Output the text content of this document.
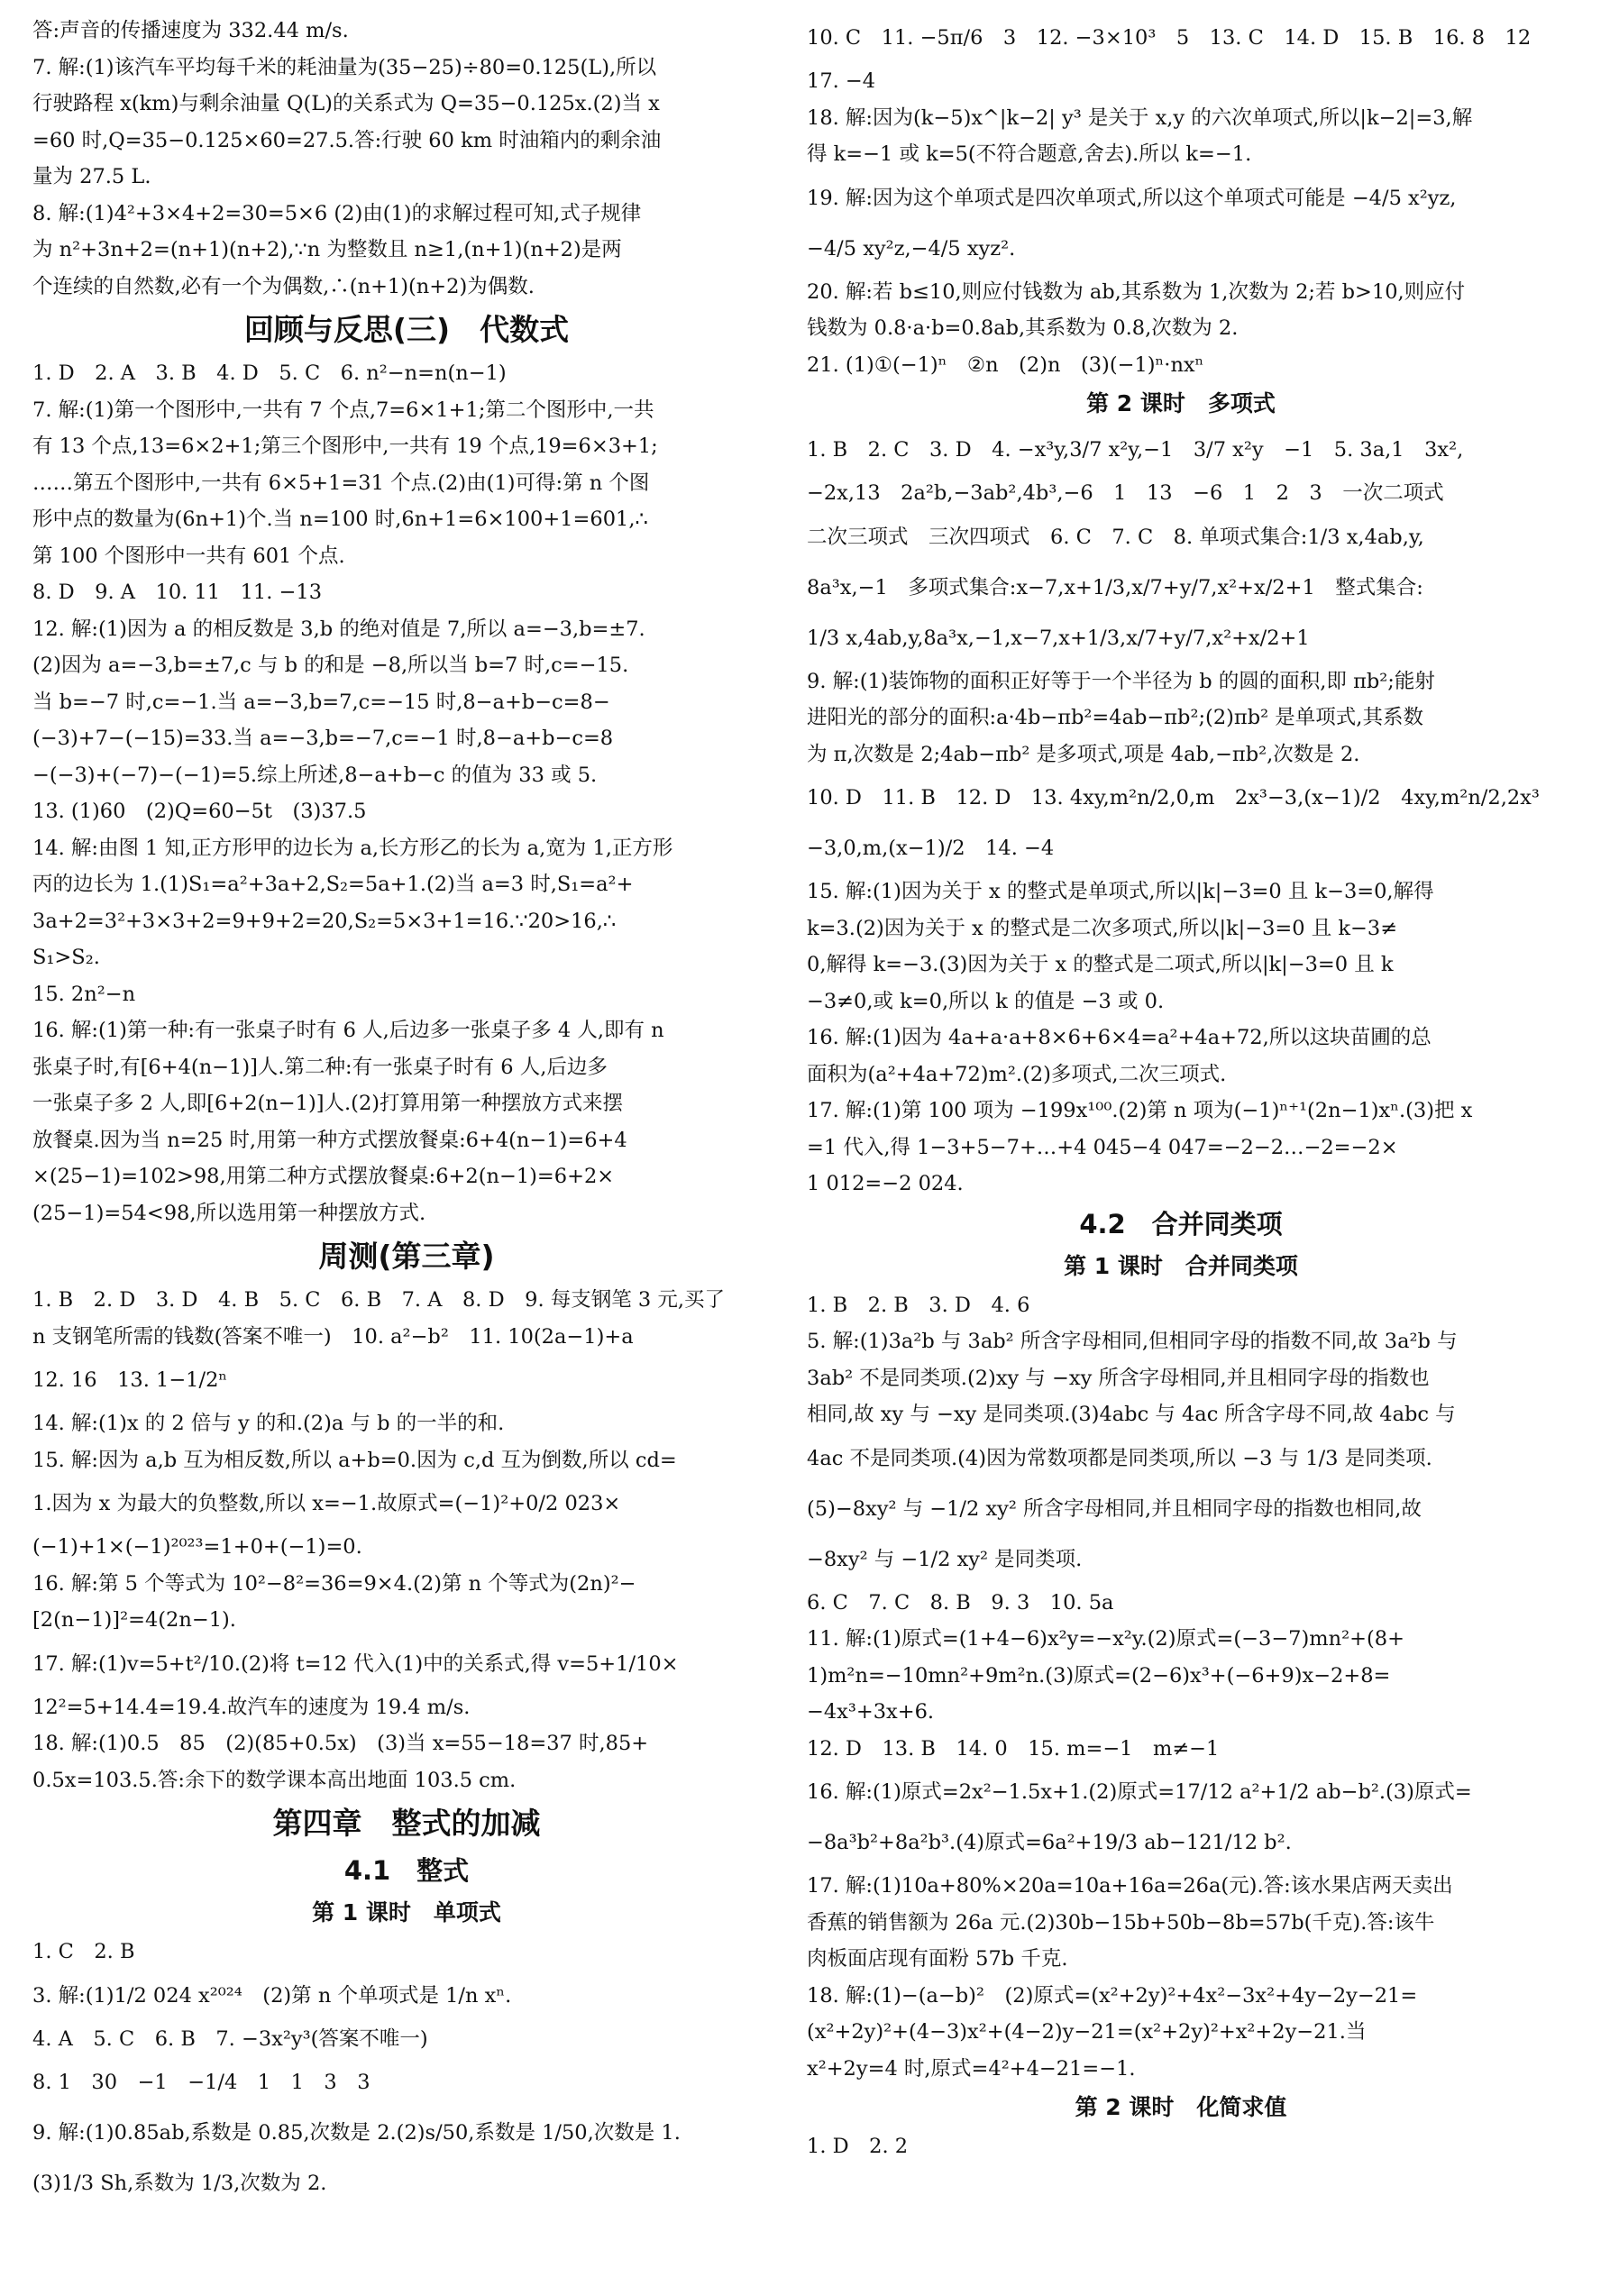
答:声音的传播速度为 332.44 m/s.
7. 解:(1)该汽车平均每千米的耗油量为(35−25)÷80=0.125(L),所以
行驶路程 x(km)与剩余油量 Q(L)的关系式为 Q=35−0.125x.(2)当 x
=60 时,Q=35−0.125×60=27.5.答:行驶 60 km 时油箱内的剩余油
量为 27.5 L.
8. 解:(1)4²+3×4+2=30=5×6 (2)由(1)的求解过程可知,式子规律
为 n²+3n+2=(n+1)(n+2),∵n 为整数且 n≥1,(n+1)(n+2)是两
个连续的自然数,必有一个为偶数,∴(n+1)(n+2)为偶数.
回顾与反思(三)　代数式
1. D　2. A　3. B　4. D　5. C　6. n²−n=n(n−1)
7. 解:(1)第一个图形中,一共有 7 个点,7=6×1+1;第二个图形中,一共
有 13 个点,13=6×2+1;第三个图形中,一共有 19 个点,19=6×3+1;
……第五个图形中,一共有 6×5+1=31 个点.(2)由(1)可得:第 n 个图
形中点的数量为(6n+1)个.当 n=100 时,6n+1=6×100+1=601,∴
第 100 个图形中一共有 601 个点.
8. D　9. A　10. 11　11. −13
12. 解:(1)因为 a 的相反数是 3,b 的绝对值是 7,所以 a=−3,b=±7.
(2)因为 a=−3,b=±7,c 与 b 的和是 −8,所以当 b=7 时,c=−15.
当 b=−7 时,c=−1.当 a=−3,b=7,c=−15 时,8−a+b−c=8−
(−3)+7−(−15)=33.当 a=−3,b=−7,c=−1 时,8−a+b−c=8
−(−3)+(−7)−(−1)=5.综上所述,8−a+b−c 的值为 33 或 5.
13. (1)60　(2)Q=60−5t　(3)37.5
14. 解:由图 1 知,正方形甲的边长为 a,长方形乙的长为 a,宽为 1,正方形
丙的边长为 1.(1)S₁=a²+3a+2,S₂=5a+1.(2)当 a=3 时,S₁=a²+
3a+2=3²+3×3+2=9+9+2=20,S₂=5×3+1=16.∵20>16,∴
S₁>S₂.
15. 2n²−n
16. 解:(1)第一种:有一张桌子时有 6 人,后边多一张桌子多 4 人,即有 n
张桌子时,有[6+4(n−1)]人.第二种:有一张桌子时有 6 人,后边多
一张桌子多 2 人,即[6+2(n−1)]人.(2)打算用第一种摆放方式来摆
放餐桌.因为当 n=25 时,用第一种方式摆放餐桌:6+4(n−1)=6+4
×(25−1)=102>98,用第二种方式摆放餐桌:6+2(n−1)=6+2×
(25−1)=54<98,所以选用第一种摆放方式.
周测(第三章)
1. B　2. D　3. D　4. B　5. C　6. B　7. A　8. D　9. 每支钢笔 3 元,买了
n 支钢笔所需的钱数(答案不唯一)　10. a²−b²　11. 10(2a−1)+a
12. 16　13. 1−1/2ⁿ
14. 解:(1)x 的 2 倍与 y 的和.(2)a 与 b 的一半的和.
15. 解:因为 a,b 互为相反数,所以 a+b=0.因为 c,d 互为倒数,所以 cd=
1.因为 x 为最大的负整数,所以 x=−1.故原式=(−1)²+0/2 023×
(−1)+1×(−1)²⁰²³=1+0+(−1)=0.
16. 解:第 5 个等式为 10²−8²=36=9×4.(2)第 n 个等式为(2n)²−
[2(n−1)]²=4(2n−1).
17. 解:(1)v=5+t²/10.(2)将 t=12 代入(1)中的关系式,得 v=5+1/10×
12²=5+14.4=19.4.故汽车的速度为 19.4 m/s.
18. 解:(1)0.5　85　(2)(85+0.5x)　(3)当 x=55−18=37 时,85+
0.5x=103.5.答:余下的数学课本高出地面 103.5 cm.
第四章　整式的加减
4.1　整式
第 1 课时　单项式
1. C　2. B
3. 解:(1)1/2 024 x²⁰²⁴　(2)第 n 个单项式是 1/n xⁿ.
4. A　5. C　6. B　7. −3x²y³(答案不唯一)
8. 1　30　−1　−1/4　1　1　3　3
9. 解:(1)0.85ab,系数是 0.85,次数是 2.(2)s/50,系数是 1/50,次数是 1.
(3)1/3 Sh,系数为 1/3,次数为 2.
10. C　11. −5π/6　3　12. −3×10³　5　13. C　14. D　15. B　16. 8　12
17. −4
18. 解:因为(k−5)x^|k−2| y³ 是关于 x,y 的六次单项式,所以|k−2|=3,解
得 k=−1 或 k=5(不符合题意,舍去).所以 k=−1.
19. 解:因为这个单项式是四次单项式,所以这个单项式可能是 −4/5 x²yz,
−4/5 xy²z,−4/5 xyz².
20. 解:若 b≤10,则应付钱数为 ab,其系数为 1,次数为 2;若 b>10,则应付
钱数为 0.8·a·b=0.8ab,其系数为 0.8,次数为 2.
21. (1)①(−1)ⁿ　②n　(2)n　(3)(−1)ⁿ·nxⁿ
第 2 课时　多项式
1. B　2. C　3. D　4. −x³y,3/7 x²y,−1　3/7 x²y　−1　5. 3a,1　3x²,
−2x,13　2a²b,−3ab²,4b³,−6　1　13　−6　1　2　3　一次二项式
二次三项式　三次四项式　6. C　7. C　8. 单项式集合:1/3 x,4ab,y,
8a³x,−1　多项式集合:x−7,x+1/3,x/7+y/7,x²+x/2+1　整式集合:
1/3 x,4ab,y,8a³x,−1,x−7,x+1/3,x/7+y/7,x²+x/2+1
9. 解:(1)装饰物的面积正好等于一个半径为 b 的圆的面积,即 πb²;能射
进阳光的部分的面积:a·4b−πb²=4ab−πb²;(2)πb² 是单项式,其系数
为 π,次数是 2;4ab−πb² 是多项式,项是 4ab,−πb²,次数是 2.
10. D　11. B　12. D　13. 4xy,m²n/2,0,m　2x³−3,(x−1)/2　4xy,m²n/2,2x³
−3,0,m,(x−1)/2　14. −4
15. 解:(1)因为关于 x 的整式是单项式,所以|k|−3=0 且 k−3=0,解得
k=3.(2)因为关于 x 的整式是二次多项式,所以|k|−3=0 且 k−3≠
0,解得 k=−3.(3)因为关于 x 的整式是二项式,所以|k|−3=0 且 k
−3≠0,或 k=0,所以 k 的值是 −3 或 0.
16. 解:(1)因为 4a+a·a+8×6+6×4=a²+4a+72,所以这块苗圃的总
面积为(a²+4a+72)m².(2)多项式,二次三项式.
17. 解:(1)第 100 项为 −199x¹⁰⁰.(2)第 n 项为(−1)ⁿ⁺¹(2n−1)xⁿ.(3)把 x
=1 代入,得 1−3+5−7+…+4 045−4 047=−2−2…−2=−2×
1 012=−2 024.
4.2　合并同类项
第 1 课时　合并同类项
1. B　2. B　3. D　4. 6
5. 解:(1)3a²b 与 3ab² 所含字母相同,但相同字母的指数不同,故 3a²b 与
3ab² 不是同类项.(2)xy 与 −xy 所含字母相同,并且相同字母的指数也
相同,故 xy 与 −xy 是同类项.(3)4abc 与 4ac 所含字母不同,故 4abc 与
4ac 不是同类项.(4)因为常数项都是同类项,所以 −3 与 1/3 是同类项.
(5)−8xy² 与 −1/2 xy² 所含字母相同,并且相同字母的指数也相同,故
−8xy² 与 −1/2 xy² 是同类项.
6. C　7. C　8. B　9. 3　10. 5a
11. 解:(1)原式=(1+4−6)x²y=−x²y.(2)原式=(−3−7)mn²+(8+
1)m²n=−10mn²+9m²n.(3)原式=(2−6)x³+(−6+9)x−2+8=
−4x³+3x+6.
12. D　13. B　14. 0　15. m=−1　m≠−1
16. 解:(1)原式=2x²−1.5x+1.(2)原式=17/12 a²+1/2 ab−b².(3)原式=
−8a³b²+8a²b³.(4)原式=6a²+19/3 ab−121/12 b².
17. 解:(1)10a+80%×20a=10a+16a=26a(元).答:该水果店两天卖出
香蕉的销售额为 26a 元.(2)30b−15b+50b−8b=57b(千克).答:该牛
肉板面店现有面粉 57b 千克.
18. 解:(1)−(a−b)²　(2)原式=(x²+2y)²+4x²−3x²+4y−2y−21=
(x²+2y)²+(4−3)x²+(4−2)y−21=(x²+2y)²+x²+2y−21.当
x²+2y=4 时,原式=4²+4−21=−1.
第 2 课时　化简求值
1. D　2. 2
